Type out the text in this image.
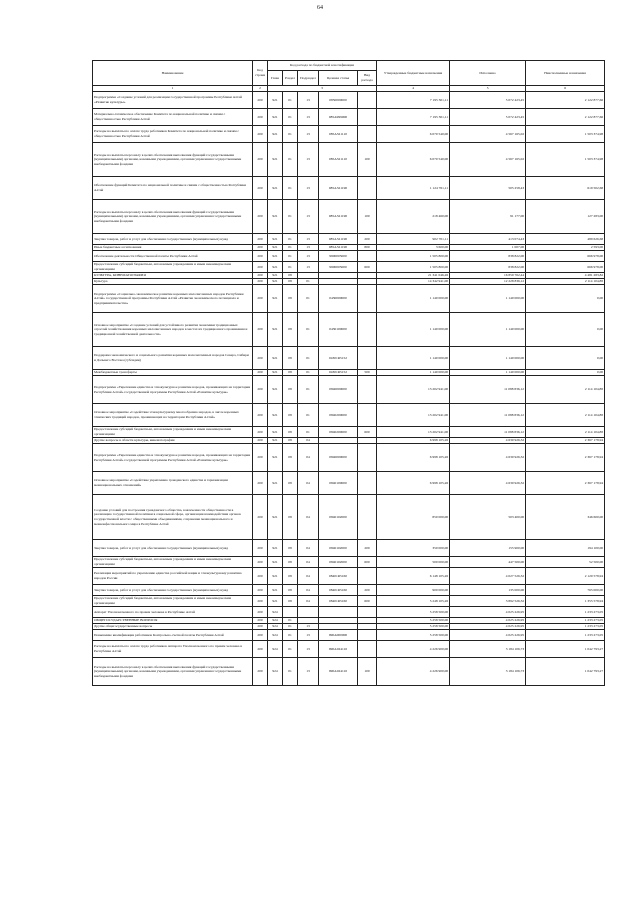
64
Наименование	Код строки	Код расхода по бюджетной классификации					Утвержденные бюджетные назначения	Исполнено	Неисполненные назначения
		Глава	Раздел	Подраздел	Целевая статья	Вид расхода			
1	2	3					4	5	6
Подпрограмма «Создание условий для реализации государственной программы Республики Алтай «Развитие культуры»	200	921	01	13	0850000000		7 195 301,11	5 072 423,45	2 122 877,66
Материально-техническое обеспечение Комитета по национальной политике и связям с общественностью Республики Алтай	200	921	01	13	085A999000		7 195 301,11	5 072 423,45	2 122 877,66
Расходы на выплаты по оплате труда работников Комитета по национальной политике и связям с общественностью Республики Алтай	200	921	01	13	085A321110		6 070 540,00	4 567 165,02	1 503 374,98
Расходы на выплаты персоналу в целях обеспечения выполнения функций государственными (муниципальными) органами, казенными учреждениями, органами управления государственными внебюджетными фондами	200	921	01	13	085A321110	100	6 070 540,00	4 567 165,02	1 503 374,98
Обеспечение функций Комитета по национальной политике и связям с общественностью Республики Алтай	200	921	01	13	085A321190		1 124 761,11	505 258,43	619 502,68
Расходы на выплаты персоналу в целях обеспечения выполнения функций государственными (муниципальными) органами, казенными учреждениями, органами управления государственными внебюджетными фондами	200	921	01	13	085A321190	100	218 460,00	91 177,00	127 283,00
Закупка товаров, работ и услуг для обеспечения государственных (муниципальных) нужд	200	921	01	13	085A321190	200	902 701,11	413 074,43	489 626,68
Иные бюджетные ассигнования	200	921	01	13	085A321190	800	3 600,00	1 007,00	2 593,00
Обеспечение деятельности Общественной палаты Республики Алтай	200	921	01	13	9900005000		1 505 800,00	838 822,00	666 978,00
Предоставление субсидий бюджетным, автономным учреждениям и иным некоммерческим организациям	200	921	01	13	9900005000	600	1 505 800,00	838 822,00	666 978,00
КУЛЬТУРА, КИНЕМАТОГРАФИЯ	200	921	08				21 341 046,26	16 859 762,44	4 481 283,82
Культура	200	921	08	01			14 342 941,00	12 228 836,12	2 114 104,88
Подпрограмма «Социально-экономическое развитие коренных малочисленных народов Республики Алтай» государственной программы Республики Алтай «Развитие экономического потенциала и предпринимательства»	200	921	08	01	0430000000		1 140 000,00	1 140 000,00	0,00
Основное мероприятие «Создание условий для устойчивого развития экономики традиционных отраслей хозяйствования коренных малочисленных народов в местах их традиционного проживания и традиционной хозяйственной деятельности»	200	921	08	01	0430100000		1 140 000,00	1 140 000,00	0,00
Поддержка экономического и социального развития коренных малочисленных народов Севера, Сибири и Дальнего Востока (субсидии)	200	921	08	01	04301R5152		1 140 000,00	1 140 000,00	0,00
Межбюджетные трансферты	200	921	08	01	04301R5152	500	1 140 000,00	1 140 000,00	0,00
Подпрограмма «Укрепление единства и этнокультурное развитие народов, проживающих на территории Республики Алтай» государственной программы Республики Алтай «Развитие культуры»	200	921	08	01	0840000000		13 202 941,00	11 088 836,12	2 114 104,88
Основное мероприятие «Содействие этнокультурному многообразию народов, в числе коренных этнических традиций народов, проживающих на территории Республики Алтай»	200	921	08	01	0840200000		13 202 941,00	11 088 836,12	2 114 104,88
Предоставление субсидий бюджетным, автономным учреждениям и иным некоммерческим организациям	200	921	08	01	0840200000	600	13 202 941,00	11 088 836,12	2 114 104,88
Другие вопросы в области культуры, кинематографии	200	921	08	04			6 998 105,26	4 630 926,32	2 367 178,94
Подпрограмма «Укрепление единства и этнокультурное развитие народов, проживающих на территории Республики Алтай» государственной программы Республики Алтай «Развитие культуры»	200	921	08	04	0840000000		6 998 105,26	4 630 926,32	2 367 178,94
Основное мероприятие «Содействие укреплению гражданского единства и гармонизации межнациональных отношений»	200	921	08	04	0840100000		6 998 105,26	4 630 926,32	2 367 178,94
Создание условий для построения гражданского общества, вовлеченности общественности в реализацию государственной политики в социальной сфере, организация взаимодействия органов государственной власти с общественными объединениями, сохранение межнационального и межконфессионального мира в Республике Алтай	200	921	08	04	0840102000		850 000,00	503 400,00	346 600,00
Закупка товаров, работ и услуг для обеспечения государственных (муниципальных) нужд	200	921	08	04	0840102000	200	350 000,00	155 900,00	194 100,00
Предоставление субсидий бюджетным, автономным учреждениям и иным некоммерческим организациям	200	921	08	04	0840102000	600	500 000,00	447 500,00	52 500,00
Реализация мероприятий по укреплению единства российской нации и этнокультурному развитию народов России	200	921	08	04	08401R5160		6 148 105,26	4 027 526,32	2 120 578,94
Закупка товаров, работ и услуг для обеспечения государственных (муниципальных) нужд	200	921	08	04	08401R5160	200	900 000,00	135 000,00	765 000,00
Предоставление субсидий бюджетным, автономным учреждениям и иным некоммерческим организациям	200	921	08	04	08401R5160	600	5 248 105,26	3 892 526,32	1 355 578,94
Аппарат Уполномоченного по правам человека в Республике Алтай	200	924					5 258 500,00	4 025 226,95	1 233 273,05
ОБЩЕГОСУДАРСТВЕННЫЕ ВОПРОСЫ	200	924	01				5 258 500,00	4 025 226,95	1 233 273,05
Другие общегосударственные вопросы	200	924	01	13			5 258 500,00	4 025 226,95	1 233 273,05
Повышение квалификации работников Контрольно-счетной палаты Республики Алтай	200	924	01	13	990A000000		5 258 500,00	4 025 226,95	1 233 273,05
Расходы на выплаты по оплате труда работников Аппарата Уполномоченного по правам человека в Республике Алтай	200	924	01	13	990A024110		4 226 900,00	3 184 106,73	1 042 793,27
Расходы на выплаты персоналу в целях обеспечения выполнения функций государственными (муниципальными) органами, казенными учреждениями, органами управления государственными внебюджетными фондами	200	924	01	13	990A024110	100	4 226 900,00	3 184 106,73	1 042 793,27
